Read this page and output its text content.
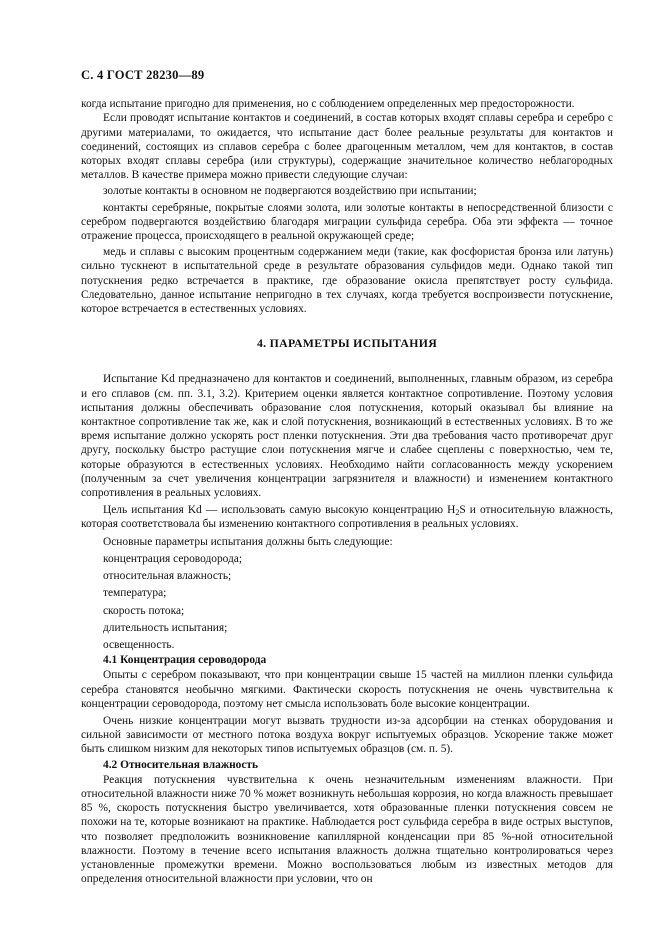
С. 4 ГОСТ 28230—89

когда испытание пригодно для применения, но с соблюдением определенных мер предосторожности.

Если проводят испытание контактов и соединений, в состав которых входят сплавы серебра и серебро с другими материалами, то ожидается, что испытание даст более реальные результаты для контактов и соединений, состоящих из сплавов серебра с более драгоценным металлом, чем для контактов, в состав которых входят сплавы серебра (или структуры), содержащие значительное количество неблагородных металлов. В качестве примера можно привести следующие случаи:

золотые контакты в основном не подвергаются воздействию при испытании;

контакты серебряные, покрытые слоями золота, или золотые контакты в непосредственной близости с серебром подвергаются воздействию благодаря миграции сульфида серебра. Оба эти эффекта — точное отражение процесса, происходящего в реальной окружающей среде;

медь и сплавы с высоким процентным содержанием меди (такие, как фосфористая бронза или латунь) сильно тускнеют в испытательной среде в результате образования сульфидов меди. Однако такой тип потускнения редко встречается в практике, где образование окисла препятствует росту сульфида. Следовательно, данное испытание непригодно в тех случаях, когда требуется воспроизвести потускнение, которое встречается в естественных условиях.

4. ПАРАМЕТРЫ ИСПЫТАНИЯ

Испытание Kd предназначено для контактов и соединений, выполненных, главным образом, из серебра и его сплавов (см. пп. 3.1, 3.2). Критерием оценки является контактное сопротивление. Поэтому условия испытания должны обеспечивать образование слоя потускнения, который оказывал бы влияние на контактное сопротивление так же, как и слой потускнения, возникающий в естественных условиях. В то же время испытание должно ускорять рост пленки потускнения. Эти два требования часто противоречат друг другу, поскольку быстро растущие слои потускнения мягче и слабее сцеплены с поверхностью, чем те, которые образуются в естественных условиях. Необходимо найти согласованность между ускорением (полученным за счет увеличения концентрации загрязнителя и влажности) и изменением контактного сопротивления в реальных условиях.

Цель испытания Kd — использовать самую высокую концентрацию $H_2S$ и относительную влажность, которая соответствовала бы изменению контактного сопротивления в реальных условиях.

Основные параметры испытания должны быть следующие:

концентрация сероводорода;

относительная влажность;

температура;

скорость потока;

длительность испытания;

освещенность.

4.1 Концентрация сероводорода

Опыты с серебром показывают, что при концентрации свыше 15 частей на миллион пленки сульфида серебра становятся необычно мягкими. Фактически скорость потускнения не очень чувствительна к концентрации сероводорода, поэтому нет смысла использовать боле высокие концентрации.

Очень низкие концентрации могут вызвать трудности из-за адсорбции на стенках оборудования и сильной зависимости от местного потока воздуха вокруг испытуемых образцов. Ускорение также может быть слишком низким для некоторых типов испытуемых образцов (см. п. 5).

4.2 Относительная влажность

Реакция потускнения чувствительна к очень незначительным изменениям влажности. При относительной влажности ниже 70 % может возникнуть небольшая коррозия, но когда влажность превышает 85 %, скорость потускнения быстро увеличивается, хотя образованные пленки потускнения совсем не похожи на те, которые возникают на практике. Наблюдается рост сульфида серебра в виде острых выступов, что позволяет предположить возникновение капиллярной конденсации при 85 %-ной относительной влажности. Поэтому в течение всего испытания влажность должна тщательно контролироваться через установленные промежутки времени. Можно воспользоваться любым из известных методов для определения относительной влажности при условии, что он
